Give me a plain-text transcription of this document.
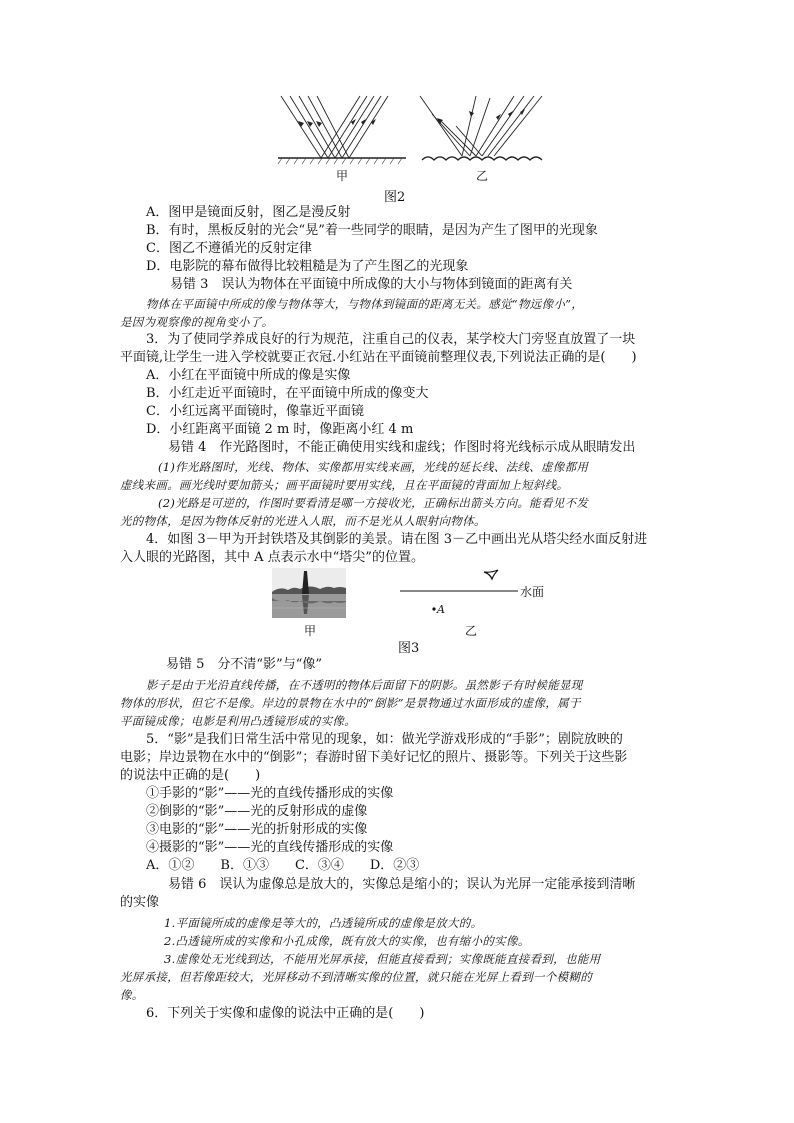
甲	乙
图2
A．图甲是镜面反射，图乙是漫反射
B．有时，黑板反射的光会“晃”着一些同学的眼睛，是因为产生了图甲的光现象
C．图乙不遵循光的反射定律
D．电影院的幕布做得比较粗糙是为了产生图乙的光现象
易错 3　误认为物体在平面镜中所成像的大小与物体到镜面的距离有关
物体在平面镜中所成的像与物体等大，与物体到镜面的距离无关。感觉“物远像小”，
是因为观察像的视角变小了。
3．为了使同学养成良好的行为规范，注重自己的仪表，某学校大门旁竖直放置了一块
平面镜,让学生一进入学校就要正衣冠.小红站在平面镜前整理仪表,下列说法正确的是(　　)
A．小红在平面镜中所成的像是实像
B．小红走近平面镜时，在平面镜中所成的像变大
C．小红远离平面镜时，像靠近平面镜
D．小红距离平面镜 2 m 时，像距离小红 4 m
易错 4　作光路图时，不能正确使用实线和虚线；作图时将光线标示成从眼睛发出
(1)作光路图时，光线、物体、实像都用实线来画，光线的延长线、法线、虚像都用
虚线来画。画光线时要加箭头；画平面镜时要用实线，且在平面镜的背面加上短斜线。
(2)光路是可逆的，作图时要看清是哪一方接收光，正确标出箭头方向。能看见不发
光的物体，是因为物体反射的光进入人眼，而不是光从人眼射向物体。
4．如图 3－甲为开封铁塔及其倒影的美景。请在图 3－乙中画出光从塔尖经水面反射进
入人眼的光路图，其中 A 点表示水中“塔尖”的位置。
甲
水面
A
乙
图3
易错 5　分不清“影”与“像”
影子是由于光沿直线传播，在不透明的物体后面留下的阴影。虽然影子有时候能显现
物体的形状，但它不是像。岸边的景物在水中的“倒影”是景物通过水面形成的虚像，属于
平面镜成像；电影是利用凸透镜形成的实像。
5．“影”是我们日常生活中常见的现象，如：做光学游戏形成的“手影”；剧院放映的
电影；岸边景物在水中的“倒影”；春游时留下美好记忆的照片、摄影等。下列关于这些影
的说法中正确的是(　　)
①手影的“影”——光的直线传播形成的实像
②倒影的“影”——光的反射形成的虚像
③电影的“影”——光的折射形成的实像
④摄影的“影”——光的直线传播形成的实像
A．①②　　B．①③　　C．③④　　D．②③
易错 6　误认为虚像总是放大的，实像总是缩小的；误认为光屏一定能承接到清晰
的实像
1.平面镜所成的虚像是等大的，凸透镜所成的虚像是放大的。
2.凸透镜所成的实像和小孔成像，既有放大的实像，也有缩小的实像。
3.虚像处无光线到达，不能用光屏承接，但能直接看到；实像既能直接看到，也能用
光屏承接，但若像距较大，光屏移动不到清晰实像的位置，就只能在光屏上看到一个模糊的
像。
6．下列关于实像和虚像的说法中正确的是(　　)
